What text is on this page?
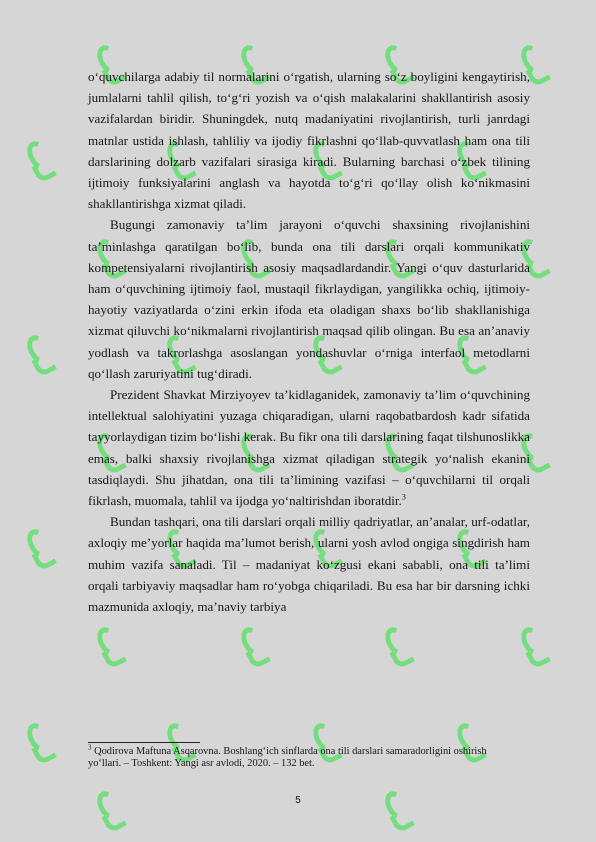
o‘quvchilarga adabiy til normalarini o‘rgatish, ularning so‘z boyligini kengaytirish, jumlalarni tahlil qilish, to‘g‘ri yozish va o‘qish malakalarini shakllantirish asosiy vazifalardan biridir. Shuningdek, nutq madaniyatini rivojlantirish, turli janrdagi matnlar ustida ishlash, tahliliy va ijodiy fikrlashni qo‘llab-quvvatlash ham ona tili darslarining dolzarb vazifalari sirasiga kiradi. Bularning barchasi o‘zbek tilining ijtimoiy funksiyalarini anglash va hayotda to‘g‘ri qo‘llay olish ko‘nikmasini shakllantirishga xizmat qiladi.

Bugungi zamonaviy ta’lim jarayoni o‘quvchi shaxsining rivojlanishini ta’minlashga qaratilgan bo‘lib, bunda ona tili darslari orqali kommunikativ kompetensiyalarni rivojlantirish asosiy maqsadlardandir. Yangi o‘quv dasturlarida ham o‘quvchining ijtimoiy faol, mustaqil fikrlaydigan, yangilikka ochiq, ijtimoiy-hayotiy vaziyatlarda o‘zini erkin ifoda eta oladigan shaxs bo‘lib shakllanishiga xizmat qiluvchi ko‘nikmalarni rivojlantirish maqsad qilib olingan. Bu esa an’anaviy yodlash va takrorlashga asoslangan yondashuvlar o‘rniga interfaol metodlarni qo‘llash zaruriyatini tug‘diradi.

Prezident Shavkat Mirziyoyev ta’kidlaganidek, zamonaviy ta’lim o‘quvchining intellektual salohiyatini yuzaga chiqaradigan, ularni raqobatbardosh kadr sifatida tayyorlaydigan tizim bo‘lishi kerak. Bu fikr ona tili darslarining faqat tilshunoslikka emas, balki shaxsiy rivojlanishga xizmat qiladigan strategik yo‘nalish ekanini tasdiqlaydi. Shu jihatdan, ona tili ta’limining vazifasi – o‘quvchilarni til orqali fikrlash, muomala, tahlil va ijodga yo‘naltirishdan iboratdir.$^3$

Bundan tashqari, ona tili darslari orqali milliy qadriyatlar, an’analar, urf-odatlar, axloqiy me’yorlar haqida ma’lumot berish, ularni yosh avlod ongiga singdirish ham muhim vazifa sanaladi. Til – madaniyat ko‘zgusi ekani sababli, ona tili ta’limi orqali tarbiyaviy maqsadlar ham ro‘yobga chiqariladi. Bu esa har bir darsning ichki mazmunida axloqiy, ma’naviy tarbiya

$^3$ Qodirova Maftuna Asqarovna. Boshlang‘ich sinflarda ona tili darslari samaradorligini oshirish yo‘llari. – Toshkent: Yangi asr avlodi, 2020. – 132 bet.
5
